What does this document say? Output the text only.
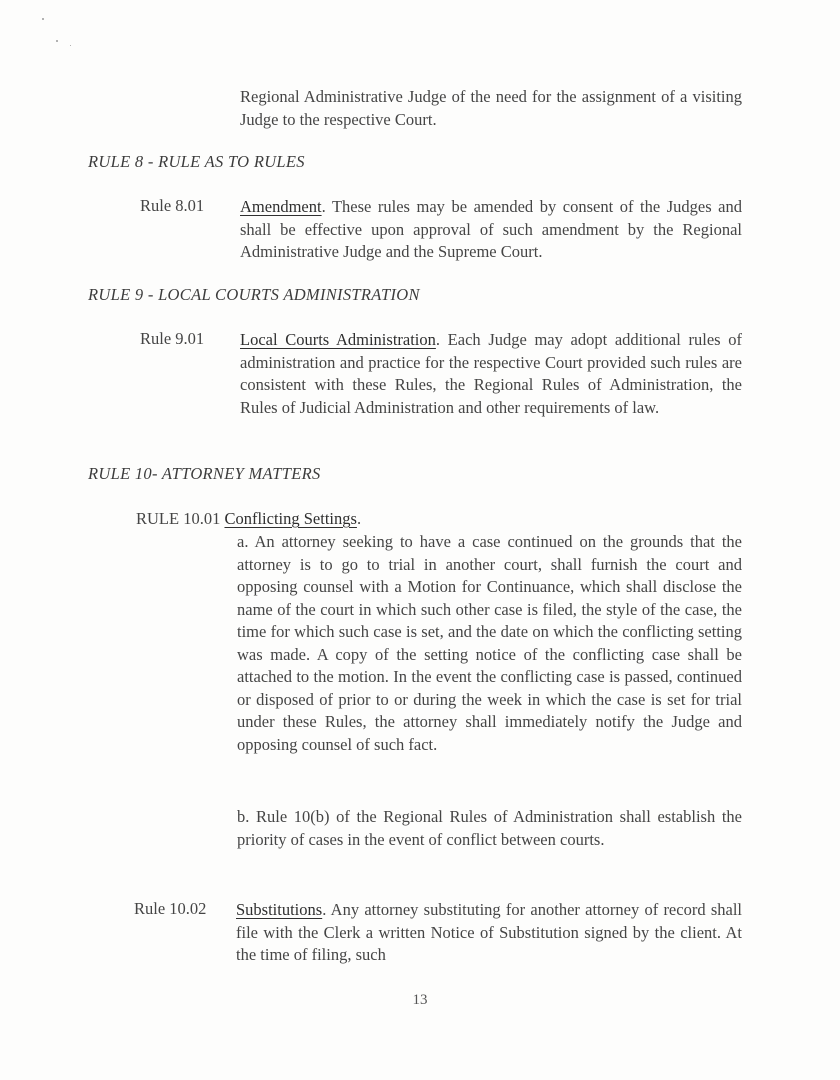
Regional Administrative Judge of the need for the assignment of a visiting Judge to the respective Court.
RULE 8 - RULE AS TO RULES
Rule 8.01 Amendment. These rules may be amended by consent of the Judges and shall be effective upon approval of such amendment by the Regional Administrative Judge and the Supreme Court.
RULE 9 - LOCAL COURTS ADMINISTRATION
Rule 9.01 Local Courts Administration. Each Judge may adopt additional rules of administration and practice for the respective Court provided such rules are consistent with these Rules, the Regional Rules of Administration, the Rules of Judicial Administration and other requirements of law.
RULE 10- ATTORNEY MATTERS
RULE 10.01 Conflicting Settings.
a. An attorney seeking to have a case continued on the grounds that the attorney is to go to trial in another court, shall furnish the court and opposing counsel with a Motion for Continuance, which shall disclose the name of the court in which such other case is filed, the style of the case, the time for which such case is set, and the date on which the conflicting setting was made. A copy of the setting notice of the conflicting case shall be attached to the motion. In the event the conflicting case is passed, continued or disposed of prior to or during the week in which the case is set for trial under these Rules, the attorney shall immediately notify the Judge and opposing counsel of such fact.
b. Rule 10(b) of the Regional Rules of Administration shall establish the priority of cases in the event of conflict between courts.
Rule 10.02 Substitutions. Any attorney substituting for another attorney of record shall file with the Clerk a written Notice of Substitution signed by the client. At the time of filing, such
13
